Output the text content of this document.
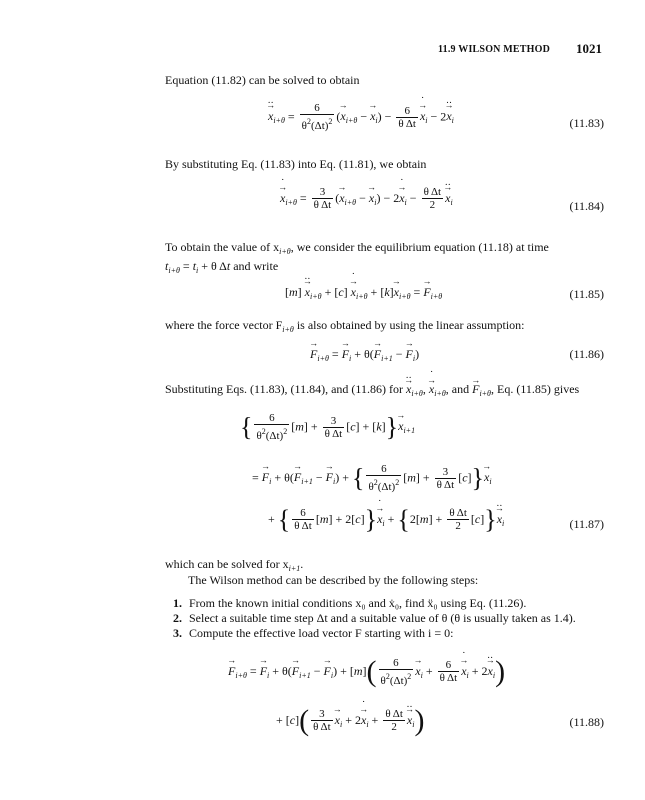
11.9 WILSON METHOD 1021
Equation (11.82) can be solved to obtain
→ x $‥_{i+\theta} = \frac{6}{\theta^2(\Delta t)^2}$ (→ $x_{i+\theta}$ − → $x_i) - \frac{6}{\text{θ Δt}}$
→ x $˙_i - 2\to x$ $‥_i$	(11.83)
By substituting Eq. (11.83) into Eq. (11.81), we obtain
→ x $˙_{i+\theta} = \frac{3}{\text{θ Δt}}$ (→ $x_{i+\theta}$ − → $x_i) - 2\to x$ $˙_i - \frac{\text{θ Δt}}{2}$
→ x $‥_i$	(11.84)
To obtain the value of $x_{i+\theta}$, we consider the equilibrium equation (11.18) at time
$t_{i+\theta} = t_i + \theta$ Δt and write
[m] → x $‥_{i+\theta} + [c] \to x$ $˙_{i+\theta} + [k]\to x_{i+\theta}$ = → $F_{i+\theta}$	(11.85)
where the force vector $F_{i+\theta}$ is also obtained by using the linear assumption:
→ $F_{i+\theta}$ = → $F_i + \theta(\to F_{i+1}$ − → $F_i$)	(11.86)
Substituting Eqs. (11.83), (11.84), and (11.86) for → x $‥_{i+\theta}$, → x $˙_{i+\theta}$, and → $F_{i+\theta}$, Eq. (11.85) gives
{ $\frac{6}{\theta^2(\Delta t)^2} [m] + \frac{3}{\text{θ Δt}} [c] + [k]\}\to x_{i+1}$
= → $F_i + \theta(\to F_{i+1}$ − → $F_i$) + { $\frac{6}{\theta^2(\Delta t)^2} [m] + \frac{3}{\text{θ Δt}} [c]\}\to x_i$
+ { $\frac{6}{\text{θ Δt}} [m] + 2[c]\}\to x$ $˙_i + \{2[m] + \frac{\text{θ Δt}}{2} [c]\}\to x$ $‥_i$	(11.87)
which can be solved for $x_{i+1}$.
The Wilson method can be described by the following steps:
1. From the known initial conditions x₀ and ẋ₀, find ẍ₀ using Eq. (11.26).
2. Select a suitable time step Δt and a suitable value of θ (θ is usually taken as 1.4).
3. Compute the effective load vector F starting with i = 0:
→ $F_{i+\theta}$ = → $F_i + \theta(\to F_{i+1}$ − → $F_i) + [m]( \frac{6}{\theta^2(\Delta t)^2}$
→ $x_i + \frac{6}{\text{θ Δt}}$
→ x $˙_i + 2\to x$ $‥_i$)
+ $[c]( \frac{3}{\text{θ Δt}}$
→ $x_i + 2\to x$ $˙_i + \frac{\text{θ Δt}}{2}$
→ x $‥_i$)	(11.88)
